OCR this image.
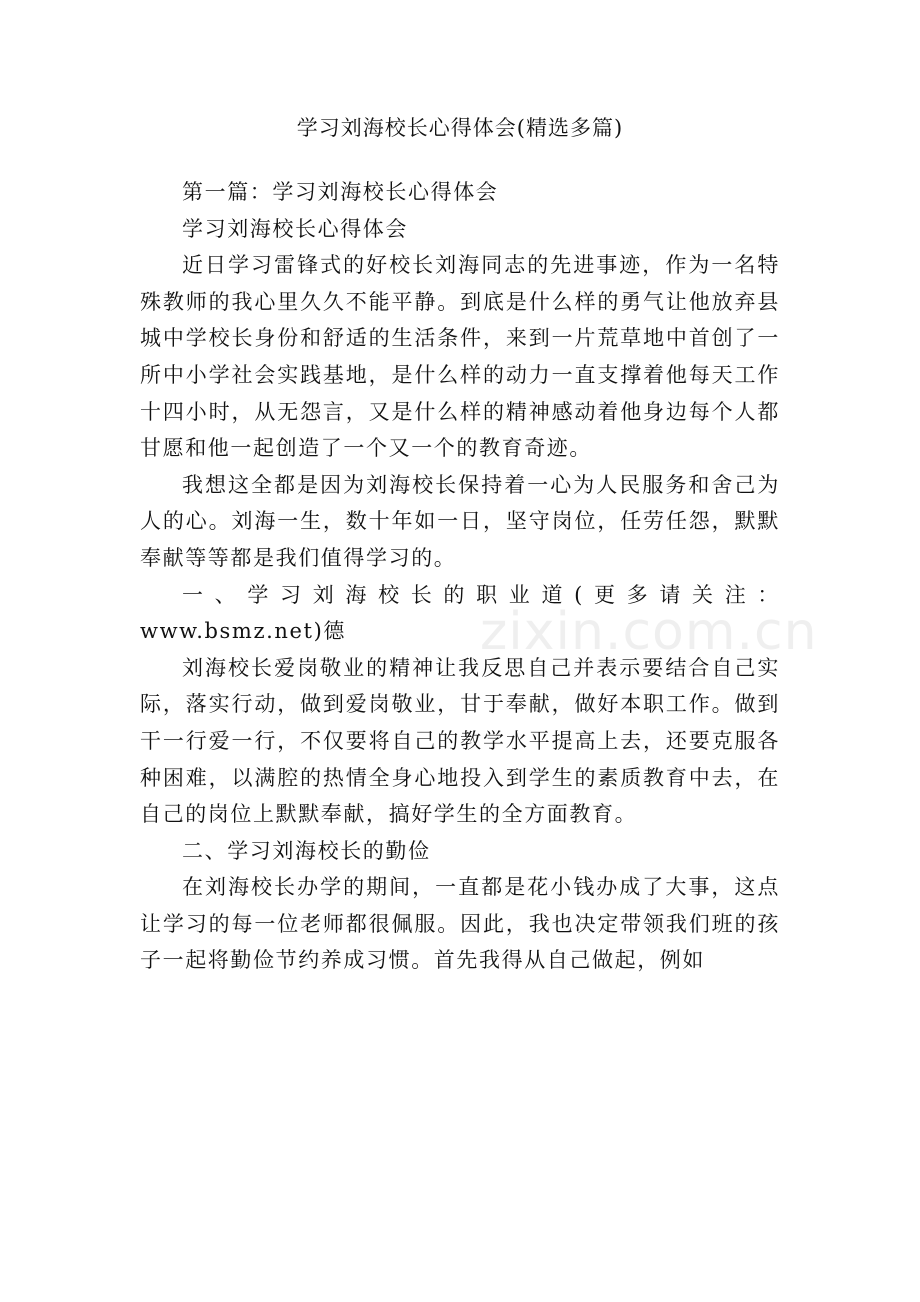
学习刘海校长心得体会(精选多篇)

第一篇：学习刘海校长心得体会

学习刘海校长心得体会

近日学习雷锋式的好校长刘海同志的先进事迹，作为一名特殊教师的我心里久久不能平静。到底是什么样的勇气让他放弃县城中学校长身份和舒适的生活条件，来到一片荒草地中首创了一所中小学社会实践基地，是什么样的动力一直支撑着他每天工作十四小时，从无怨言，又是什么样的精神感动着他身边每个人都甘愿和他一起创造了一个又一个的教育奇迹。

我想这全都是因为刘海校长保持着一心为人民服务和舍己为人的心。刘海一生，数十年如一日，坚守岗位，任劳任怨，默默奉献等等都是我们值得学习的。

一、学习刘海校长的职业道(更多请关注：www.bsmz.net)德

刘海校长爱岗敬业的精神让我反思自己并表示要结合自己实际，落实行动，做到爱岗敬业，甘于奉献，做好本职工作。做到干一行爱一行，不仅要将自己的教学水平提高上去，还要克服各种困难，以满腔的热情全身心地投入到学生的素质教育中去，在自己的岗位上默默奉献，搞好学生的全方面教育。

二、学习刘海校长的勤俭

在刘海校长办学的期间，一直都是花小钱办成了大事，这点让学习的每一位老师都很佩服。因此，我也决定带领我们班的孩子一起将勤俭节约养成习惯。首先我得从自己做起，例如

zixin.com.cn
